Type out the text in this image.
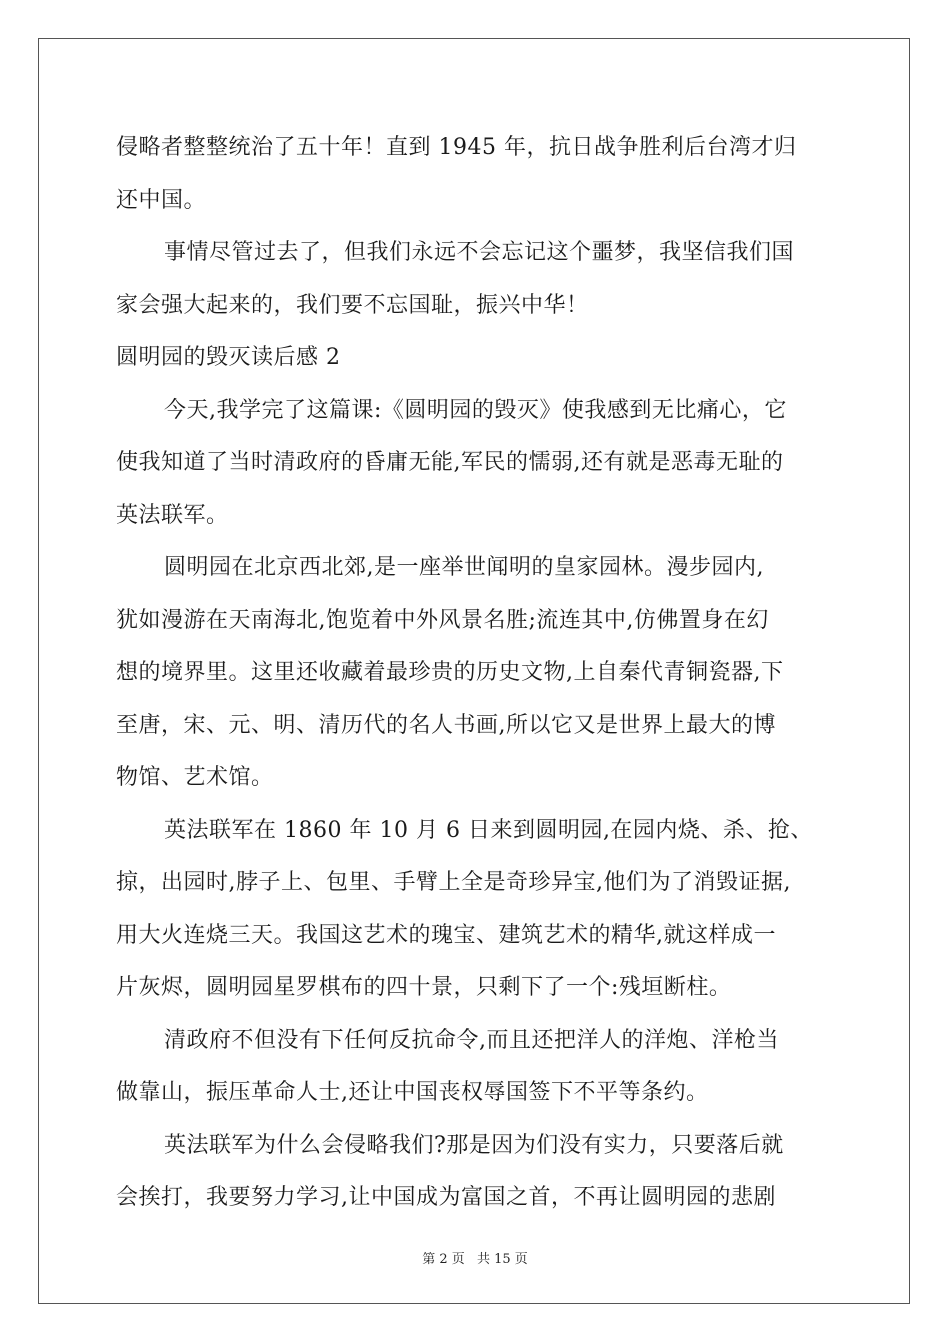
侵略者整整统治了五十年！直到 1945 年，抗日战争胜利后台湾才归
还中国。
事情尽管过去了，但我们永远不会忘记这个噩梦，我坚信我们国
家会强大起来的，我们要不忘国耻，振兴中华！
圆明园的毁灭读后感 2
今天,我学完了这篇课:《圆明园的毁灭》使我感到无比痛心，它
使我知道了当时清政府的昏庸无能,军民的懦弱,还有就是恶毒无耻的
英法联军。
圆明园在北京西北郊,是一座举世闻明的皇家园林。漫步园内,
犹如漫游在天南海北,饱览着中外风景名胜;流连其中,仿佛置身在幻
想的境界里。这里还收藏着最珍贵的历史文物,上自秦代青铜瓷器,下
至唐，宋、元、明、清历代的名人书画,所以它又是世界上最大的博
物馆、艺术馆。
英法联军在 1860 年 10 月 6 日来到圆明园,在园内烧、杀、抢、
掠，出园时,脖子上、包里、手臂上全是奇珍异宝,他们为了消毁证据,
用大火连烧三天。我国这艺术的瑰宝、建筑艺术的精华,就这样成一
片灰烬，圆明园星罗棋布的四十景，只剩下了一个:残垣断柱。
清政府不但没有下任何反抗命令,而且还把洋人的洋炮、洋枪当
做靠山，振压革命人士,还让中国丧权辱国签下不平等条约。
英法联军为什么会侵略我们?那是因为们没有实力，只要落后就
会挨打，我要努力学习,让中国成为富国之首，不再让圆明园的悲剧
第 2 页 共 15 页
